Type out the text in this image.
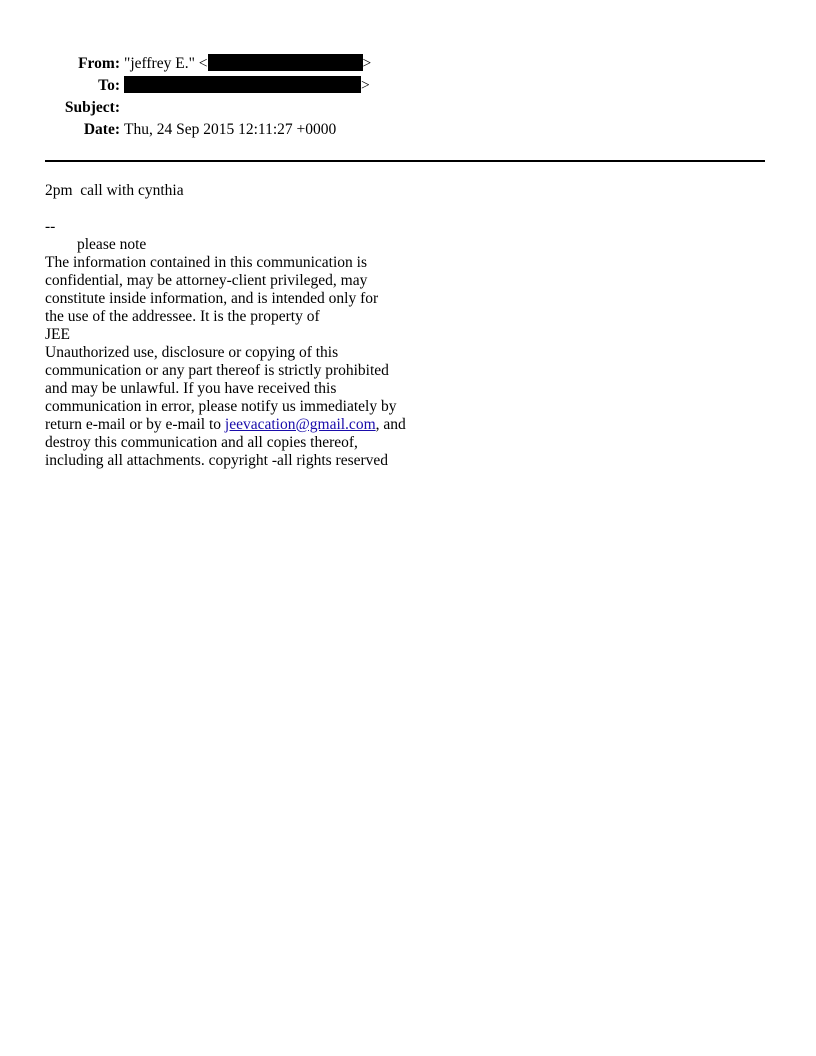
From: "jeffrey E." <	>
To:	>
Subject:
Date: Thu, 24 Sep 2015 12:11:27 +0000
2pm  call with cynthia
--
please note
The information contained in this communication is
confidential, may be attorney-client privileged, may
constitute inside information, and is intended only for
the use of the addressee. It is the property of
JEE
Unauthorized use, disclosure or copying of this
communication or any part thereof is strictly prohibited
and may be unlawful. If you have received this
communication in error, please notify us immediately by
return e-mail or by e-mail to jeevacation@gmail.com, and
destroy this communication and all copies thereof,
including all attachments. copyright -all rights reserved
